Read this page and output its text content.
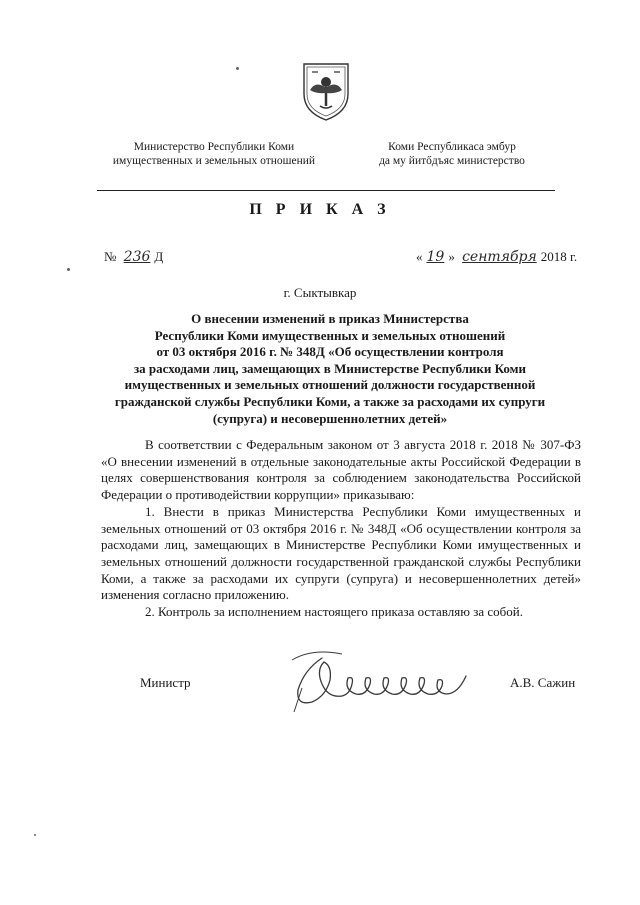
Министерство Республики Коми
имущественных и земельных отношений
Коми Республикаса эмбур
да му йитőдъяс министерство
П Р И К А З
№ 236 Д	« 19 » сентября 2018 г.
г. Сыктывкар
О внесении изменений в приказ Министерства
Республики Коми имущественных и земельных отношений
от 03 октября 2016 г. № 348Д «Об осуществлении контроля
за расходами лиц, замещающих в Министерстве Республики Коми
имущественных и земельных отношений должности государственной
гражданской службы Республики Коми, а также за расходами их супруги
(супруга) и несовершеннолетних детей»

В соответствии с Федеральным законом от 3 августа 2018 г. 2018 № 307-ФЗ «О внесении изменений в отдельные законодательные акты Российской Федерации в целях совершенствования контроля за соблюдением законодательства Российской Федерации о противодействии коррупции» приказываю:

1. Внести в приказ Министерства Республики Коми имущественных и земельных отношений от 03 октября 2016 г. № 348Д «Об осуществлении контроля за расходами лиц, замещающих в Министерстве Республики Коми имущественных и земельных отношений должности государственной гражданской службы Республики Коми, а также за расходами их супруги (супруга) и несовершеннолетних детей» изменения согласно приложению.

2. Контроль за исполнением настоящего приказа оставляю за собой.

Министр	А.В. Сажин
